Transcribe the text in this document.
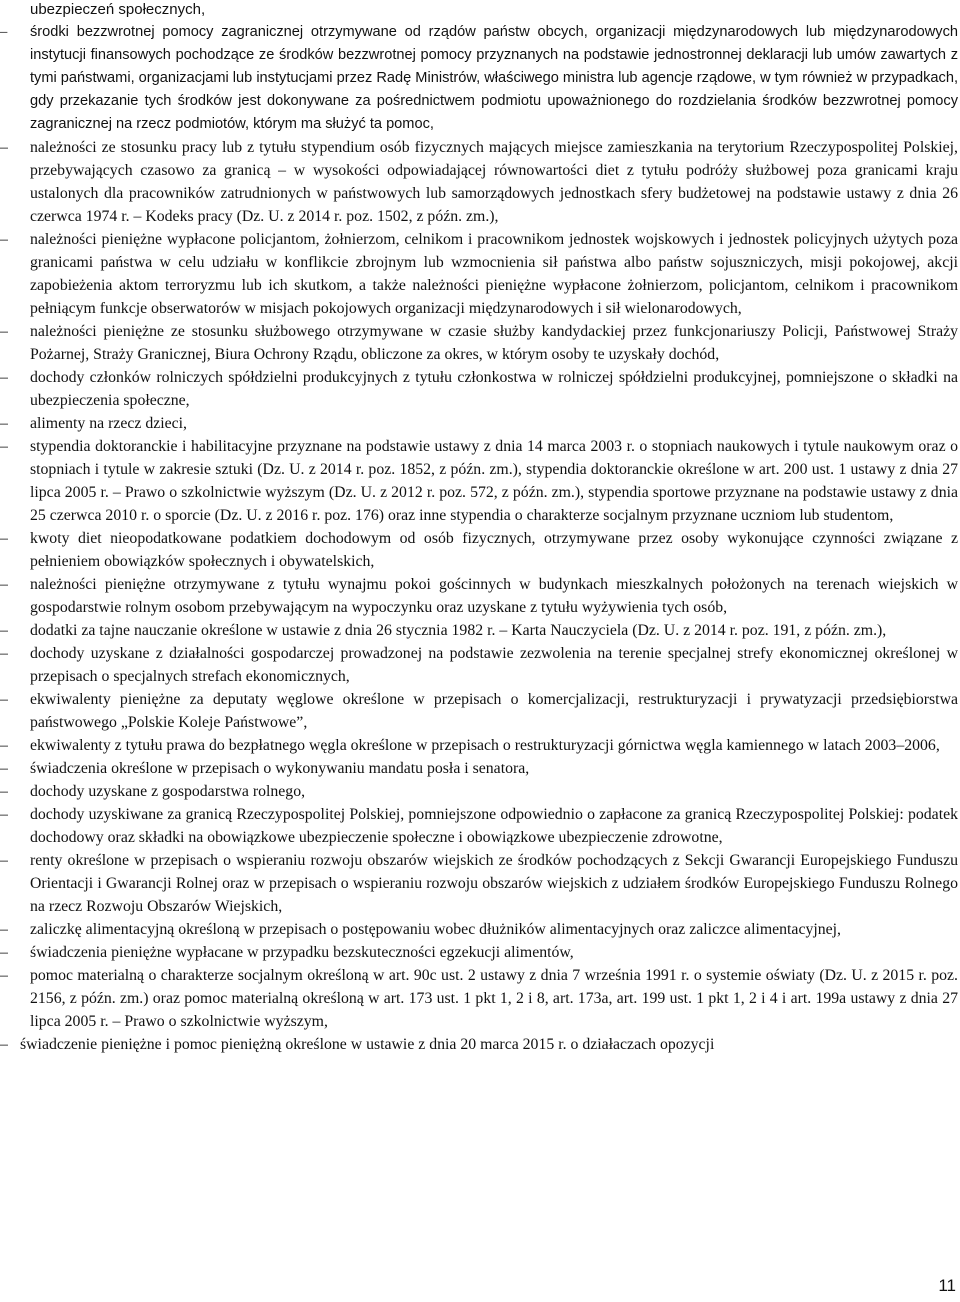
ubezpieczeń społecznych,
– środki bezzwrotnej pomocy zagranicznej otrzymywane od rządów państw obcych, organizacji międzynarodowych lub międzynarodowych instytucji finansowych pochodzące ze środków bezzwrotnej pomocy przyznanych na podstawie jednostronnej deklaracji lub umów zawartych z tymi państwami, organizacjami lub instytucjami przez Radę Ministrów, właściwego ministra lub agencje rządowe, w tym również w przypadkach, gdy przekazanie tych środków jest dokonywane za pośrednictwem podmiotu upoważnionego do rozdzielania środków bezzwrotnej pomocy zagranicznej na rzecz podmiotów, którym ma służyć ta pomoc,
– należności ze stosunku pracy lub z tytułu stypendium osób fizycznych mających miejsce zamieszkania na terytorium Rzeczypospolitej Polskiej, przebywających czasowo za granicą – w wysokości odpowiadającej równowartości diet z tytułu podróży służbowej poza granicami kraju ustalonych dla pracowników zatrudnionych w państwowych lub samorządowych jednostkach sfery budżetowej na podstawie ustawy z dnia 26 czerwca 1974 r. – Kodeks pracy (Dz. U. z 2014 r. poz. 1502, z późn. zm.),
– należności pieniężne wypłacone policjantom, żołnierzom, celnikom i pracownikom jednostek wojskowych i jednostek policyjnych użytych poza granicami państwa w celu udziału w konflikcie zbrojnym lub wzmocnienia sił państwa albo państw sojuszniczych, misji pokojowej, akcji zapobieżenia aktom terroryzmu lub ich skutkom, a także należności pieniężne wypłacone żołnierzom, policjantom, celnikom i pracownikom pełniącym funkcje obserwatorów w misjach pokojowych organizacji międzynarodowych i sił wielonarodowych,
– należności pieniężne ze stosunku służbowego otrzymywane w czasie służby kandydackiej przez funkcjonariuszy Policji, Państwowej Straży Pożarnej, Straży Granicznej, Biura Ochrony Rządu, obliczone za okres, w którym osoby te uzyskały dochód,
– dochody członków rolniczych spółdzielni produkcyjnych z tytułu członkostwa w rolniczej spółdzielni produkcyjnej, pomniejszone o składki na ubezpieczenia społeczne,
– alimenty na rzecz dzieci,
– stypendia doktoranckie i habilitacyjne przyznane na podstawie ustawy z dnia 14 marca 2003 r. o stopniach naukowych i tytule naukowym oraz o stopniach i tytule w zakresie sztuki (Dz. U. z 2014 r. poz. 1852, z późn. zm.), stypendia doktoranckie określone w art. 200 ust. 1 ustawy z dnia 27 lipca 2005 r. – Prawo o szkolnictwie wyższym (Dz. U. z 2012 r. poz. 572, z późn. zm.), stypendia sportowe przyznane na podstawie ustawy z dnia 25 czerwca 2010 r. o sporcie (Dz. U. z 2016 r. poz. 176) oraz inne stypendia o charakterze socjalnym przyznane uczniom lub studentom,
– kwoty diet nieopodatkowane podatkiem dochodowym od osób fizycznych, otrzymywane przez osoby wykonujące czynności związane z pełnieniem obowiązków społecznych i obywatelskich,
– należności pieniężne otrzymywane z tytułu wynajmu pokoi gościnnych w budynkach mieszkalnych położonych na terenach wiejskich w gospodarstwie rolnym osobom przebywającym na wypoczynku oraz uzyskane z tytułu wyżywienia tych osób,
– dodatki za tajne nauczanie określone w ustawie z dnia 26 stycznia 1982 r. – Karta Nauczyciela (Dz. U. z 2014 r. poz. 191, z późn. zm.),
– dochody uzyskane z działalności gospodarczej prowadzonej na podstawie zezwolenia na terenie specjalnej strefy ekonomicznej określonej w przepisach o specjalnych strefach ekonomicznych,
– ekwiwalenty pieniężne za deputaty węglowe określone w przepisach o komercjalizacji, restrukturyzacji i prywatyzacji przedsiębiorstwa państwowego „Polskie Koleje Państwowe”,
– ekwiwalenty z tytułu prawa do bezpłatnego węgla określone w przepisach o restrukturyzacji górnictwa węgla kamiennego w latach 2003–2006,
– świadczenia określone w przepisach o wykonywaniu mandatu posła i senatora,
– dochody uzyskane z gospodarstwa rolnego,
– dochody uzyskiwane za granicą Rzeczypospolitej Polskiej, pomniejszone odpowiednio o zapłacone za granicą Rzeczypospolitej Polskiej: podatek dochodowy oraz składki na obowiązkowe ubezpieczenie społeczne i obowiązkowe ubezpieczenie zdrowotne,
– renty określone w przepisach o wspieraniu rozwoju obszarów wiejskich ze środków pochodzących z Sekcji Gwarancji Europejskiego Funduszu Orientacji i Gwarancji Rolnej oraz w przepisach o wspieraniu rozwoju obszarów wiejskich z udziałem środków Europejskiego Funduszu Rolnego na rzecz Rozwoju Obszarów Wiejskich,
– zaliczkę alimentacyjną określoną w przepisach o postępowaniu wobec dłużników alimentacyjnych oraz zaliczce alimentacyjnej,
– świadczenia pieniężne wypłacane w przypadku bezskuteczności egzekucji alimentów,
– pomoc materialną o charakterze socjalnym określoną w art. 90c ust. 2 ustawy z dnia 7 września 1991 r. o systemie oświaty (Dz. U. z 2015 r. poz. 2156, z późn. zm.) oraz pomoc materialną określoną w art. 173 ust. 1 pkt 1, 2 i 8, art. 173a, art. 199 ust. 1 pkt 1, 2 i 4 i art. 199a ustawy z dnia 27 lipca 2005 r. – Prawo o szkolnictwie wyższym,
– świadczenie pieniężne i pomoc pieniężną określone w ustawie z dnia 20 marca 2015 r. o działaczach opozycji
11
